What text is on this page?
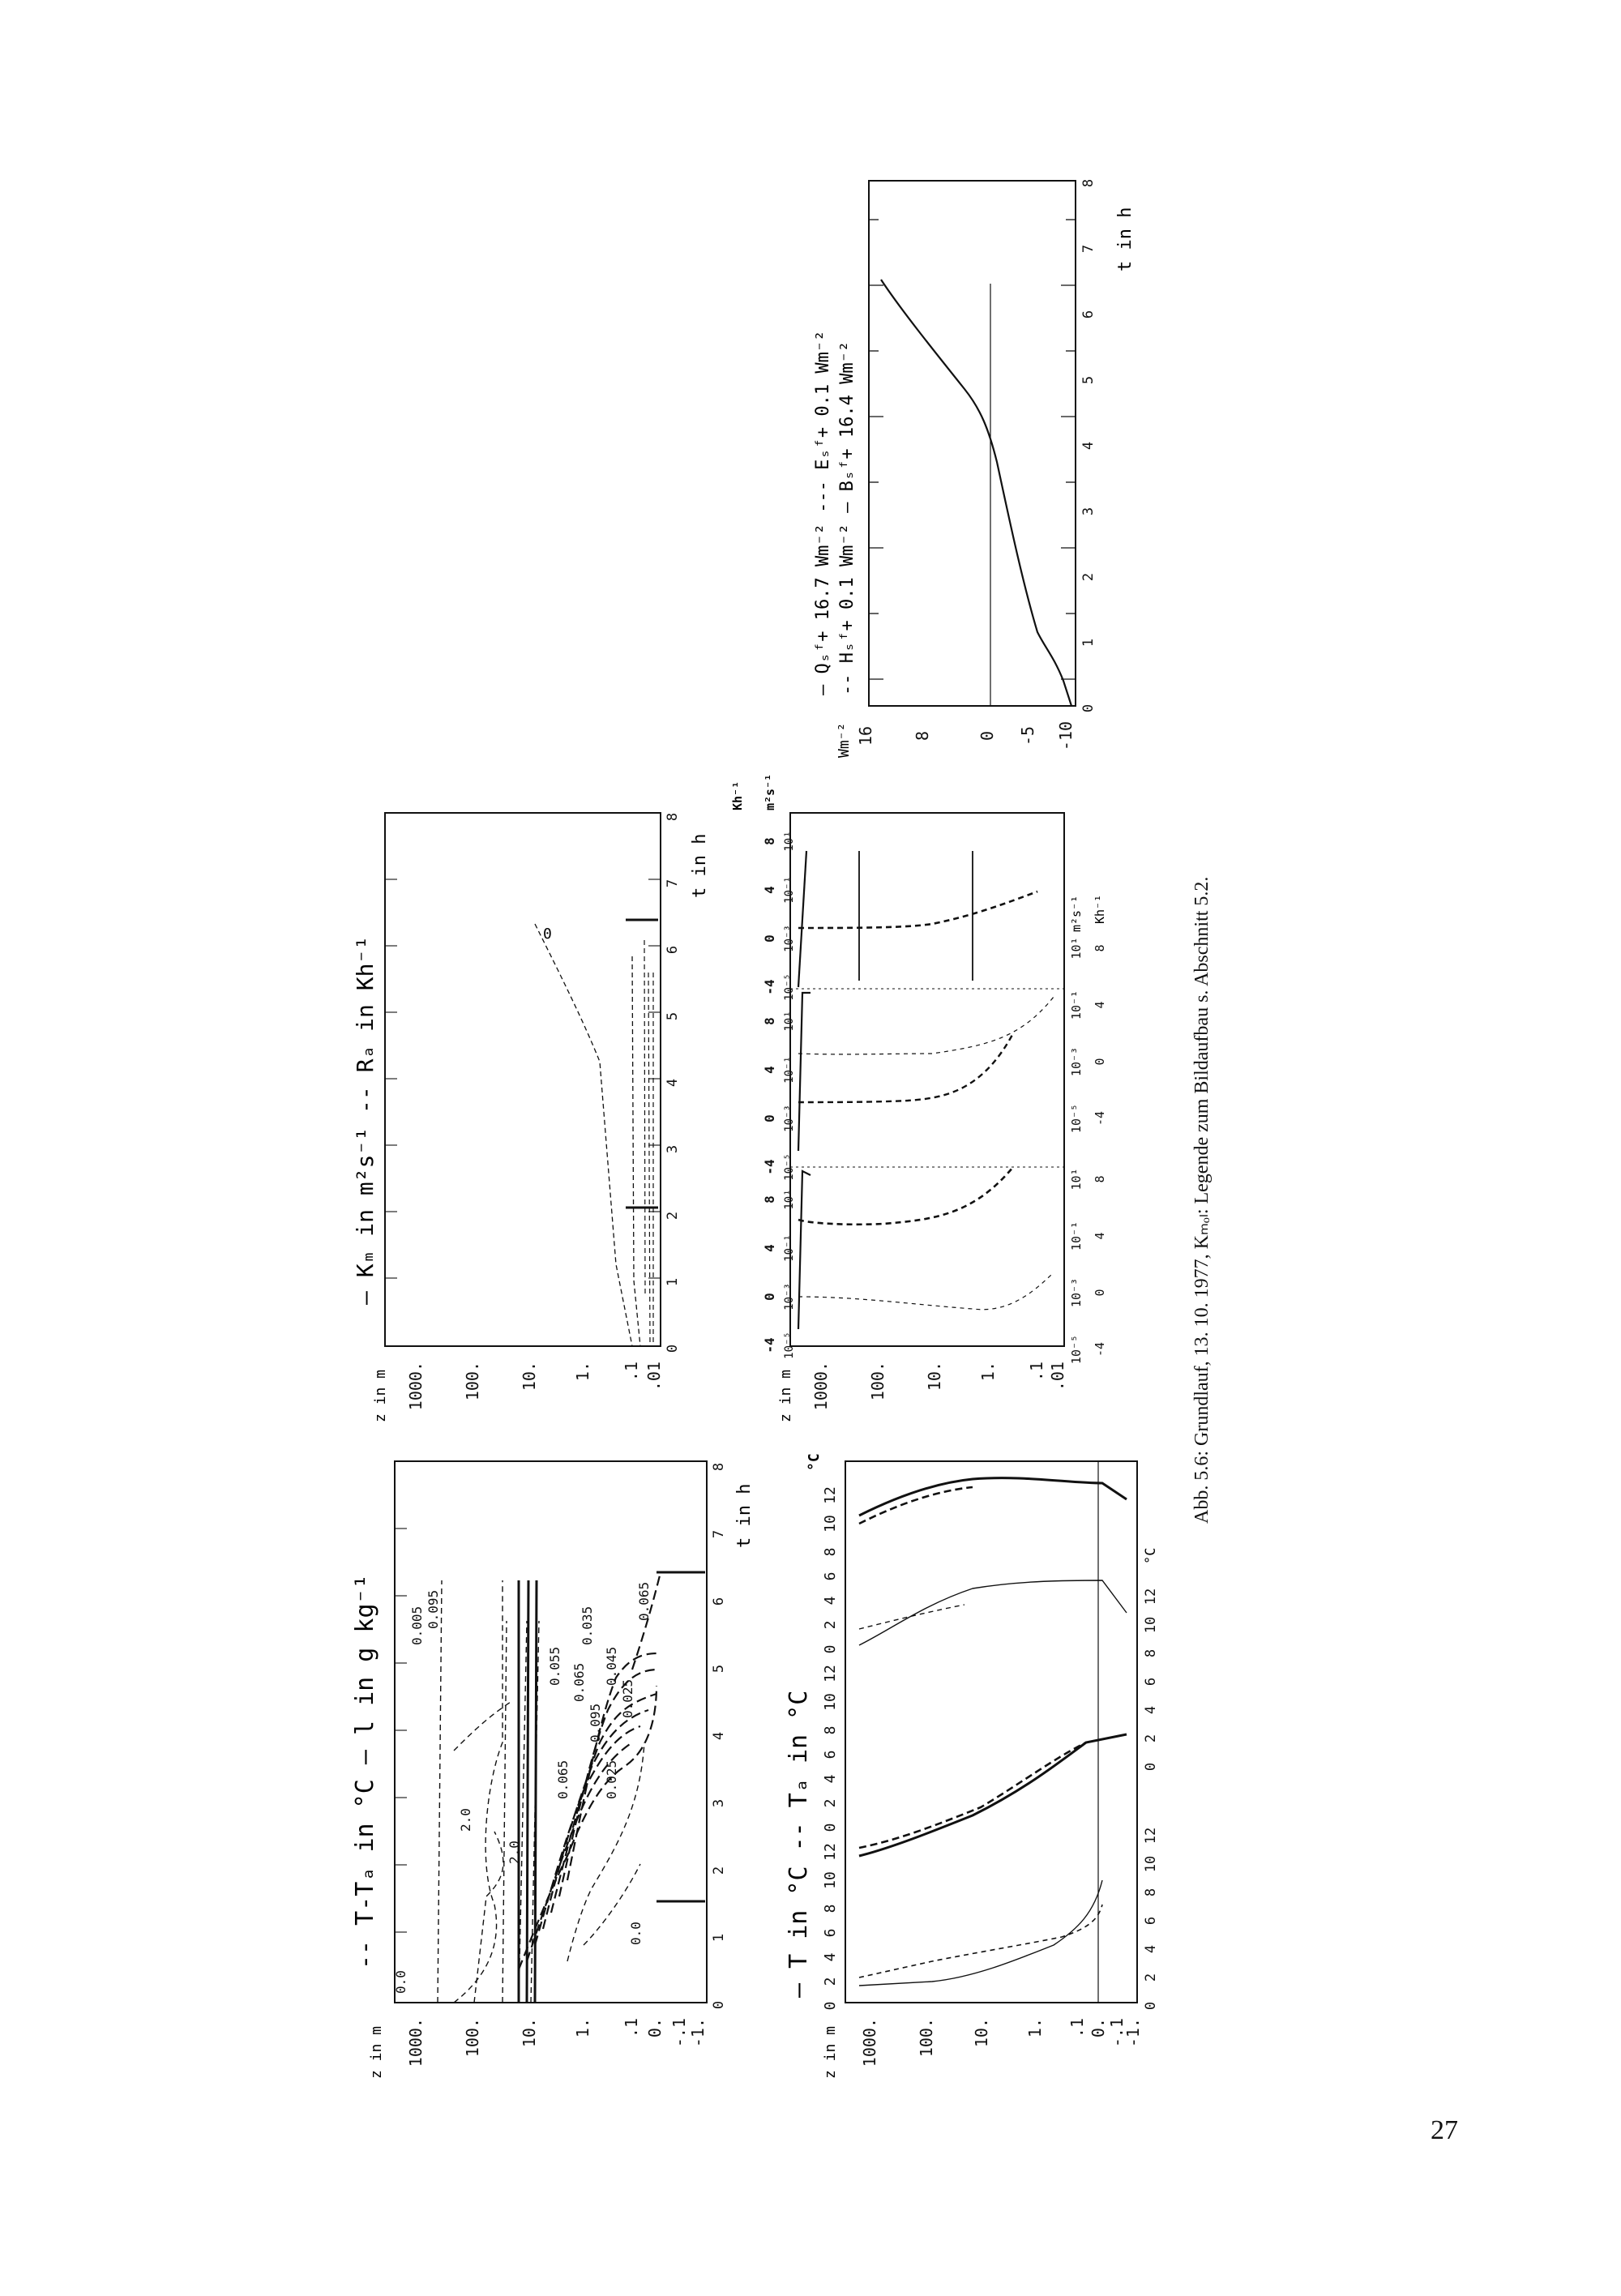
0
1
2
3
4
5
6
7
8
t in h
16 8	0 -5 -10
Wm⁻²
— Qₛᶠ+ 16.7 Wm⁻² --- Eₛᶠ+ 0.1 Wm⁻² -- Hₛᶠ+ 0.1 Wm⁻² — Bₛᶠ+ 16.4 Wm⁻²
0
0
1
2
3
4
5
6
7
8
t in h
1000. 100. 10. 1. .1 .01
z in m
— Kₘ in m²s⁻¹ -- Rₐ in Kh⁻¹
-4
0
4
8
-4
0
4
8
-4
0
4
8
10⁻⁵
10⁻³
10⁻¹
10¹
10⁻⁵
10⁻³
10⁻¹
10¹
10⁻⁵
10⁻³
10⁻¹
10¹
Kh⁻¹ m²s⁻¹
10⁻⁵
10⁻³
10⁻¹
10¹
10⁻⁵
10⁻³
10⁻¹
10¹
-4
0
4
8
-4
0
4
8
m²s⁻¹ Kh⁻¹
1000. 100. 10. 1. .1 .01
z in m
0.0
0.0
2.0
2.0
0.025
0.065
0.095
0.065 0.045
0.035
0.055
0.025
0.065
0.005 0.095
0
1
2
3
4
5
6
7
8
t in h
1000. 100. 10. 1. .1 0. -.1 -1.
z in m
-- T-Tₐ in °C — l in g kg⁻¹
0
2
4
6
8
10
12
0
2
4
6
8
10
12
0
2
4
6
8
10
12
°C
0
2
4
6
8
10
12
0
2
4
6
8
10
12
°C
1000. 100. 10. 1. .1 0. -.1
-1.
z in m
— T in °C -- Tₐ in °C
Abb. 5.6: Grundlauf, 13. 10. 1977, Kₘₒₗ: Legende zum Bildaufbau s. Abschnitt 5.2.
27
